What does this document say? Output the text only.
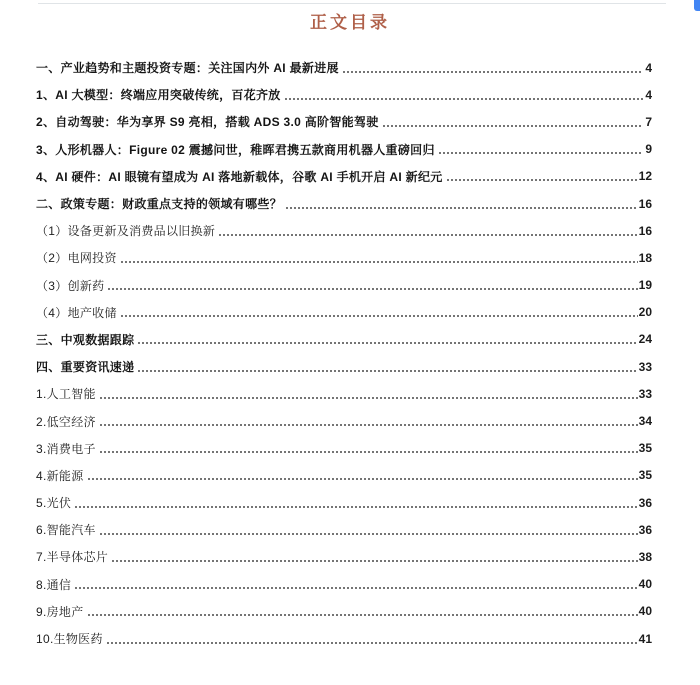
正文目录
一、产业趋势和主题投资专题：关注国内外 AI 最新进展	4
1、AI 大模型：终端应用突破传统，百花齐放	4
2、自动驾驶：华为享界 S9 亮相，搭载 ADS 3.0 高阶智能驾驶	7
3、人形机器人：Figure 02 震撼问世，稚晖君携五款商用机器人重磅回归	9
4、AI 硬件：AI 眼镜有望成为 AI 落地新载体，谷歌 AI 手机开启 AI 新纪元	12
二、政策专题：财政重点支持的领域有哪些？	16
（1）设备更新及消费品以旧换新	16
（2）电网投资	18
（3）创新药	19
（4）地产收储	20
三、中观数据跟踪	24
四、重要资讯速递	33
1.人工智能	33
2.低空经济	34
3.消费电子	35
4.新能源	35
5.光伏	36
6.智能汽车	36
7.半导体芯片	38
8.通信	40
9.房地产	40
10.生物医药	41
